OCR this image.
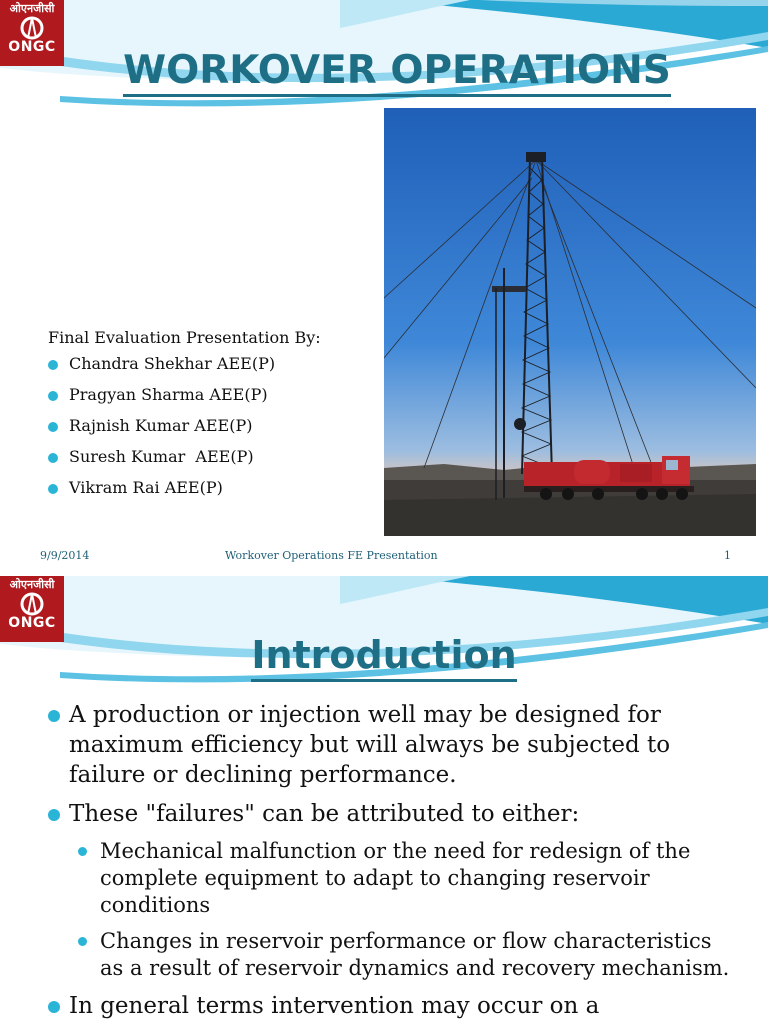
ओएनजीसी
ONGC
WORKOVER OPERATIONS

Final Evaluation Presentation By:

Chandra Shekhar AEE(P)
Pragyan Sharma AEE(P)
Rajnish Kumar AEE(P)
Suresh Kumar  AEE(P)
Vikram Rai AEE(P)
9/9/2014	Workover Operations FE Presentation	1
ओएनजीसी
ONGC
Introduction
A production or injection well may be designed for maximum efficiency but will always be subjected to failure or declining performance.
These "failures" can be attributed to either:
Mechanical malfunction or the need for redesign of the complete equipment to adapt to changing reservoir conditions
Changes in reservoir performance or flow characteristics as a result of reservoir dynamics and recovery mechanism.
In general terms intervention may occur on a
